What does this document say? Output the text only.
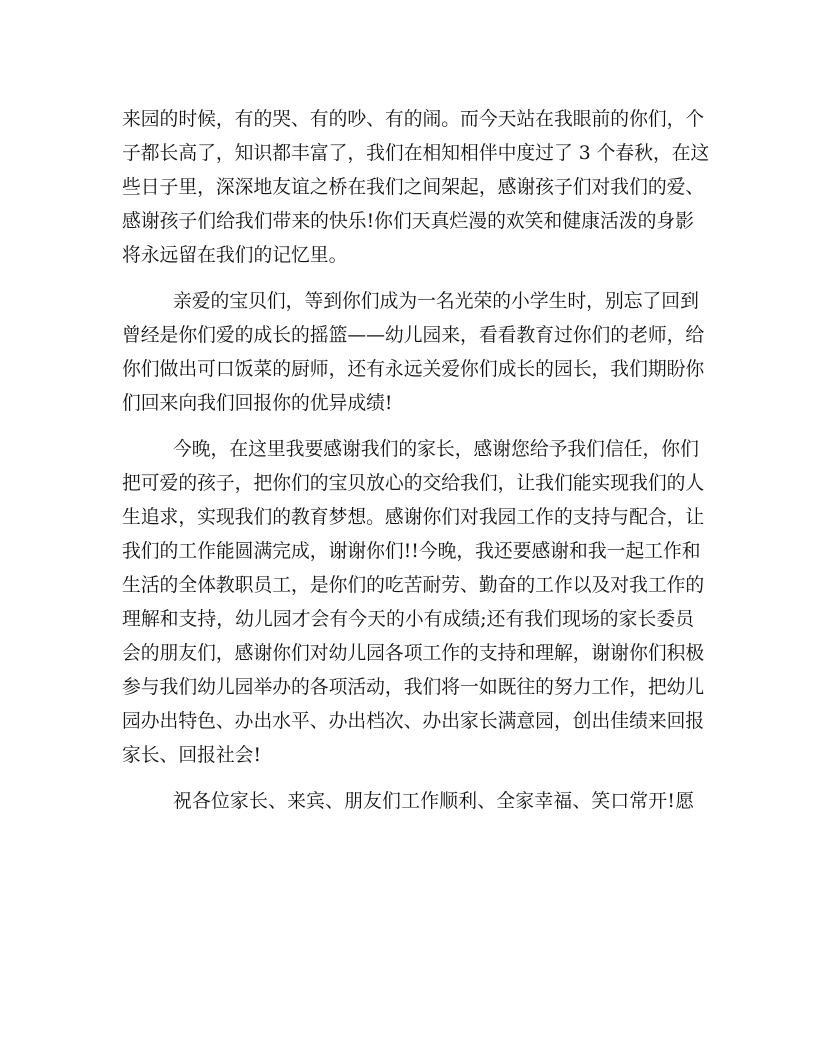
来园的时候，有的哭、有的吵、有的闹。而今天站在我眼前的你们，个
子都长高了，知识都丰富了，我们在相知相伴中度过了 3 个春秋，在这
些日子里，深深地友谊之桥在我们之间架起，感谢孩子们对我们的爱、
感谢孩子们给我们带来的快乐!你们天真烂漫的欢笑和健康活泼的身影
将永远留在我们的记忆里。
亲爱的宝贝们，等到你们成为一名光荣的小学生时，别忘了回到
曾经是你们爱的成长的摇篮——幼儿园来，看看教育过你们的老师，给
你们做出可口饭菜的厨师，还有永远关爱你们成长的园长，我们期盼你
们回来向我们回报你的优异成绩!
今晚，在这里我要感谢我们的家长，感谢您给予我们信任，你们
把可爱的孩子，把你们的宝贝放心的交给我们，让我们能实现我们的人
生追求，实现我们的教育梦想。感谢你们对我园工作的支持与配合，让
我们的工作能圆满完成，谢谢你们!!今晚，我还要感谢和我一起工作和
生活的全体教职员工，是你们的吃苦耐劳、勤奋的工作以及对我工作的
理解和支持，幼儿园才会有今天的小有成绩;还有我们现场的家长委员
会的朋友们，感谢你们对幼儿园各项工作的支持和理解，谢谢你们积极
参与我们幼儿园举办的各项活动，我们将一如既往的努力工作，把幼儿
园办出特色、办出水平、办出档次、办出家长满意园，创出佳绩来回报
家长、回报社会!
祝各位家长、来宾、朋友们工作顺利、全家幸福、笑口常开!愿
